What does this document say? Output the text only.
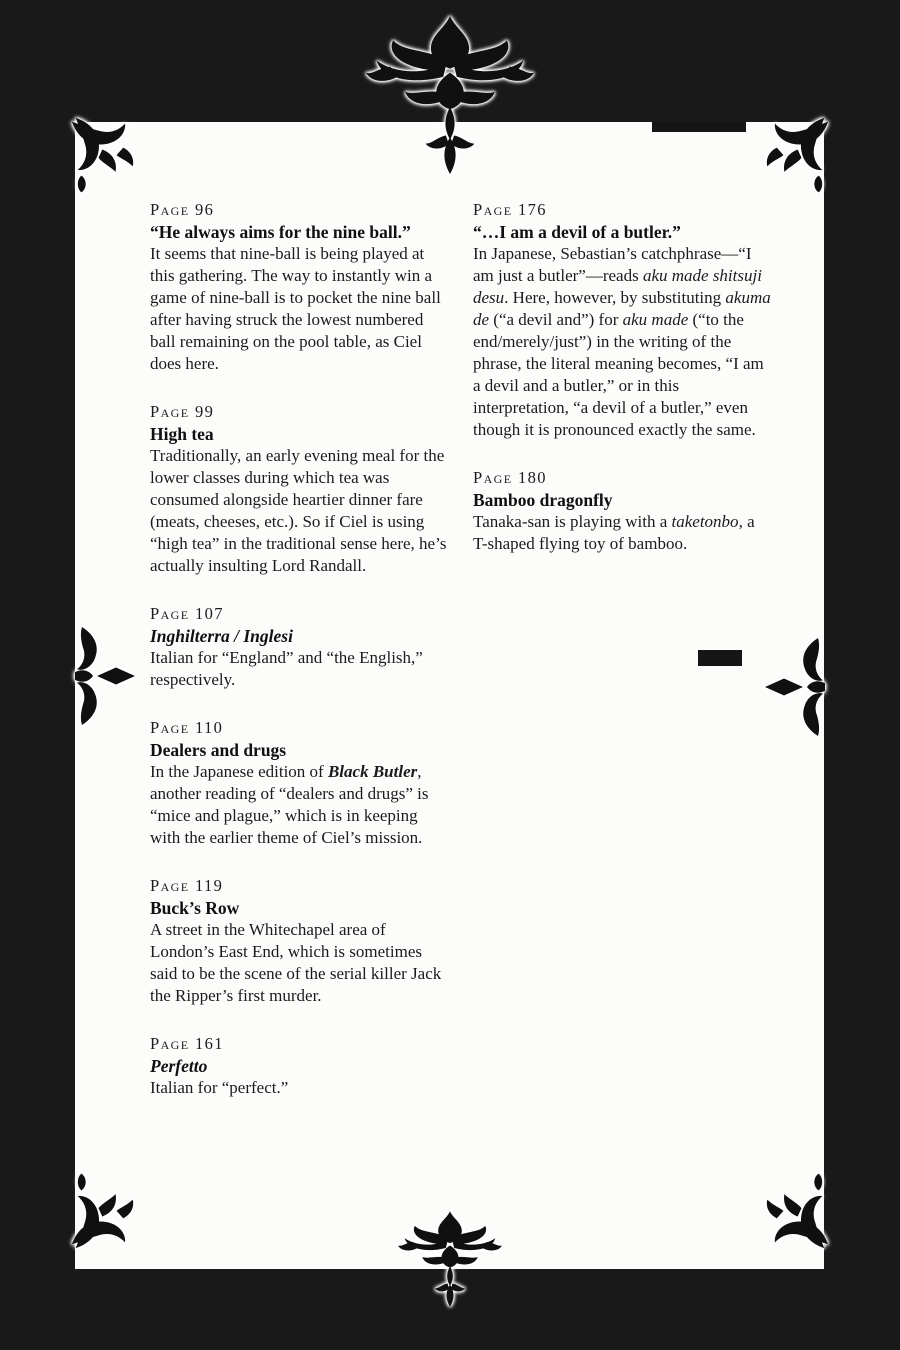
Page 96
“He always aims for the nine ball.”

It seems that nine-ball is being played at this gathering. The way to instantly win a game of nine-ball is to pocket the nine ball after having struck the lowest numbered ball remaining on the pool table, as Ciel does here.

Page 99
High tea

Traditionally, an early evening meal for the lower classes during which tea was consumed alongside heartier dinner fare (meats, cheeses, etc.). So if Ciel is using “high tea” in the traditional sense here, he’s actually insulting Lord Randall.

Page 107
Inghilterra / Inglesi

Italian for “England” and “the English,” respectively.

Page 110
Dealers and drugs

In the Japanese edition of Black Butler, another reading of “dealers and drugs” is “mice and plague,” which is in keeping with the earlier theme of Ciel’s mission.

Page 119
Buck’s Row

A street in the Whitechapel area of London’s East End, which is sometimes said to be the scene of the serial killer Jack the Ripper’s first murder.

Page 161
Perfetto

Italian for “perfect.”

Page 176
“…I am a devil of a butler.”

In Japanese, Sebastian’s catchphrase—“I am just a butler”—reads aku made shitsuji desu. Here, however, by substituting akuma de (“a devil and”) for aku made (“to the end/merely/just”) in the writing of the phrase, the literal meaning becomes, “I am a devil and a butler,” or in this interpretation, “a devil of a butler,” even though it is pronounced exactly the same.

Page 180
Bamboo dragonfly

Tanaka-san is playing with a taketonbo, a T-shaped flying toy of bamboo.
